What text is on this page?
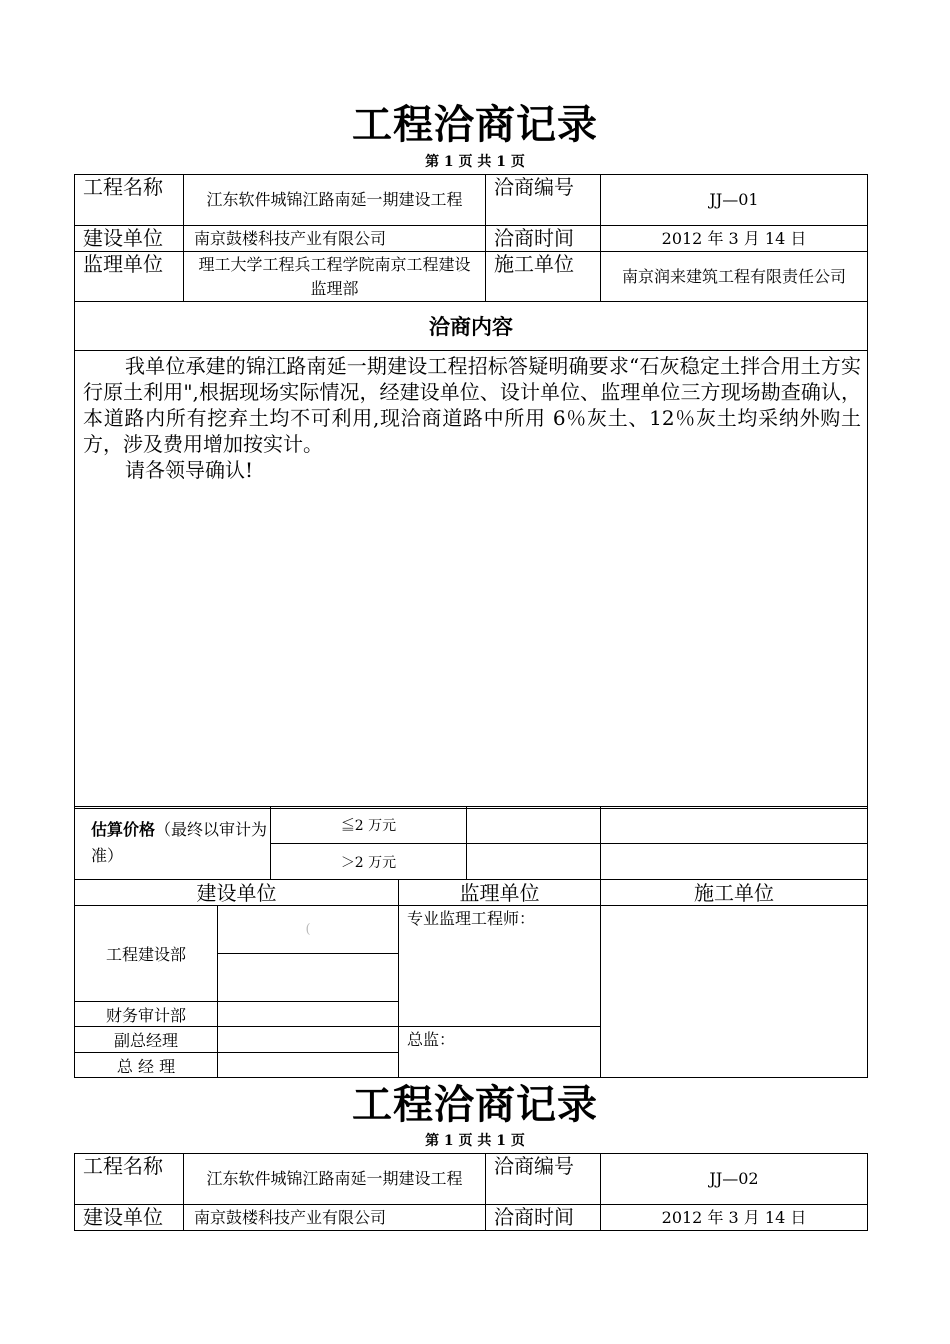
工程洽商记录
第 1 页 共 1 页
工程名称	江东软件城锦江路南延一期建设工程	洽商编号	JJ—01
建设单位	南京鼓楼科技产业有限公司	洽商时间	2012 年 3 月 14 日
监理单位	理工大学工程兵工程学院南京工程建设监理部	施工单位	南京润来建筑工程有限责任公司
洽商内容			

我单位承建的锦江路南延一期建设工程招标答疑明确要求“石灰稳定土拌合用土方实行原土利用",根据现场实际情况，经建设单位、设计单位、监理单位三方现场勘查确认，本道路内所有挖弃土均不可利用,现洽商道路中所用 6％灰土、12％灰土均采纳外购土方，涉及费用增加按实计。

请各领导确认!			

估算价格（最终以审计为准）	≦2 万元		
	＞2 万元		
建设单位		监理单位	施工单位
工程建设部	(	专业监理工程师：	

财务审计部			
副总经理		总监：	
总 经 理			
工程洽商记录
第 1 页 共 1 页
工程名称	江东软件城锦江路南延一期建设工程	洽商编号	JJ—02
建设单位	南京鼓楼科技产业有限公司	洽商时间	2012 年 3 月 14 日
